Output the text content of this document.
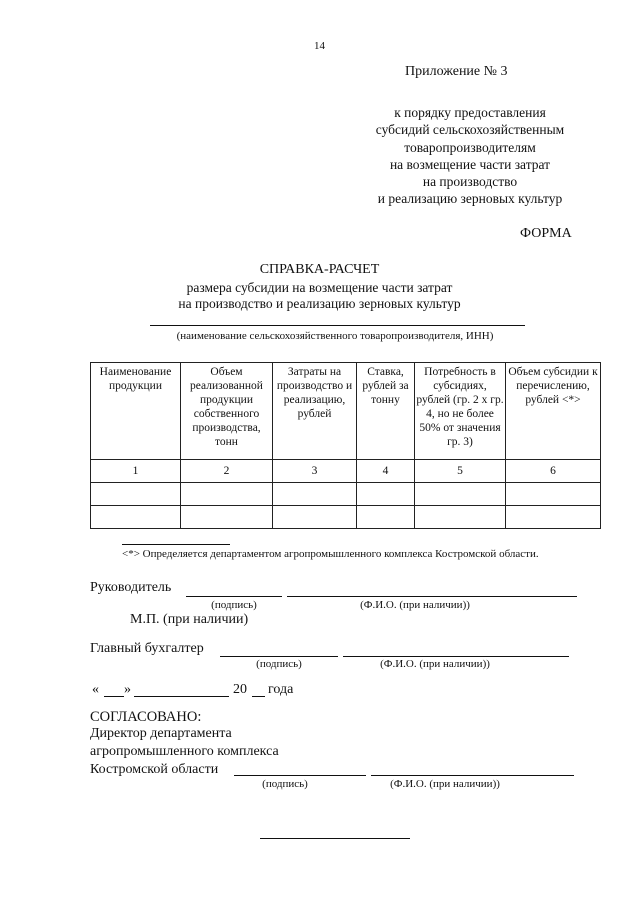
14
Приложение № 3
к порядку предоставления
субсидий сельскохозяйственным
товаропроизводителям
на возмещение части затрат
на производство
и реализацию зерновых культур
ФОРМА
СПРАВКА-РАСЧЕТ
размера субсидии на возмещение части затрат
на производство и реализацию зерновых культур
(наименование сельскохозяйственного товаропроизводителя, ИНН)
Наименование продукции	Объем реализованной продукции собственного производства, тонн	Затраты на производство и реализацию, рублей	Ставка, рублей за тонну	Потребность в субсидиях, рублей (гр. 2 х гр. 4, но не более 50% от значения гр. 3)	Объем субсидии к перечислению, рублей <*>
1	2	3	4	5	6

<*> Определяется департаментом агропромышленного комплекса Костромской области.
Руководитель
(подпись)	(Ф.И.О. (при наличии))
М.П. (при наличии)
Главный бухгалтер
(подпись)	(Ф.И.О. (при наличии))
« »	20 года
СОГЛАСОВАНО:
Директор департамента
агропромышленного комплекса
Костромской области
(подпись)	(Ф.И.О. (при наличии))
